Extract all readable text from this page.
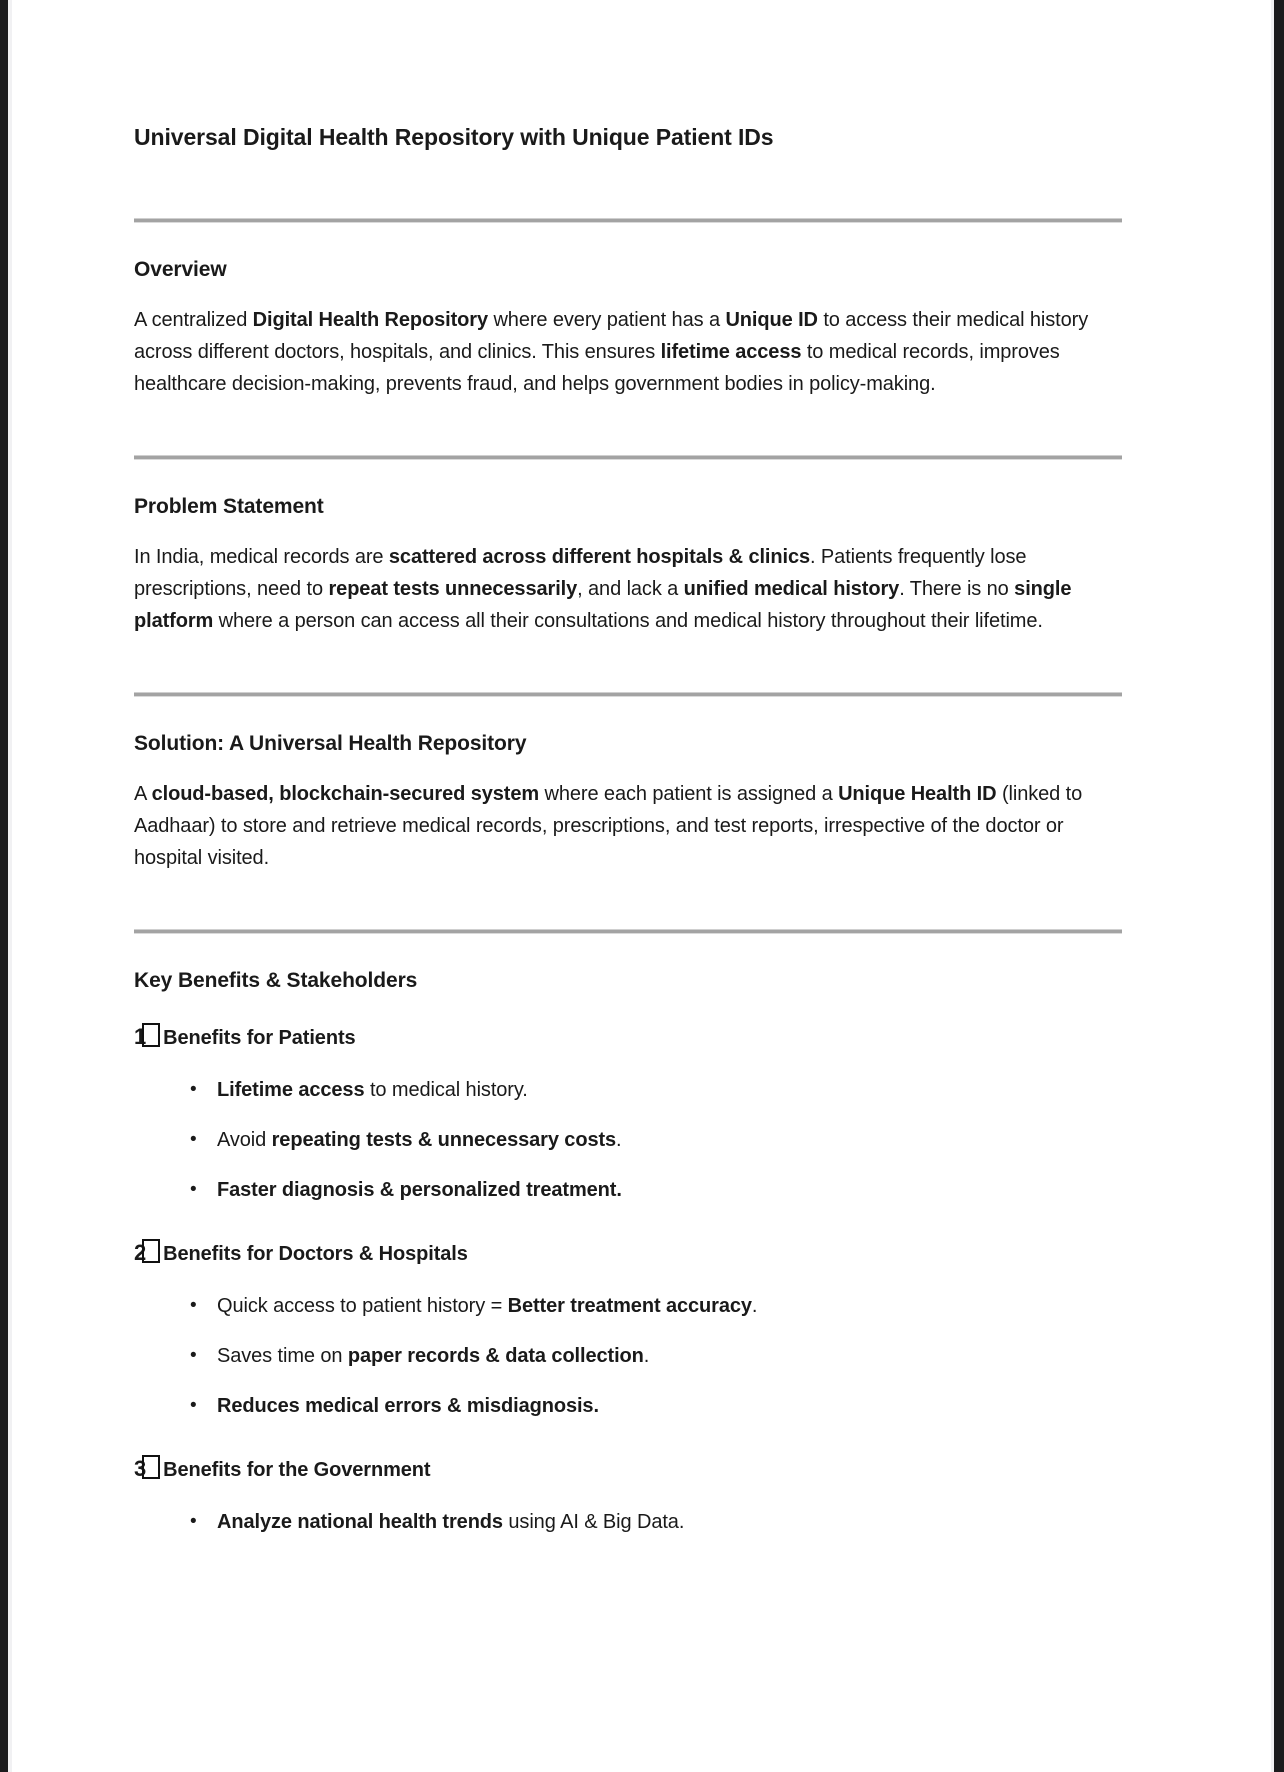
Universal Digital Health Repository with Unique Patient IDs
Overview

A centralized Digital Health Repository where every patient has a Unique ID to access their medical history across different doctors, hospitals, and clinics. This ensures lifetime access to medical records, improves healthcare decision-making, prevents fraud, and helps government bodies in policy-making.

Problem Statement

In India, medical records are scattered across different hospitals & clinics. Patients frequently lose prescriptions, need to repeat tests unnecessarily, and lack a unified medical history. There is no single platform where a person can access all their consultations and medical history throughout their lifetime.

Solution: A Universal Health Repository

A cloud-based, blockchain-secured system where each patient is assigned a Unique Health ID (linked to Aadhaar) to store and retrieve medical records, prescriptions, and test reports, irrespective of the doctor or hospital visited.

Key Benefits & Stakeholders
1 Benefits for Patients
• Lifetime access to medical history.
• Avoid repeating tests & unnecessary costs.
• Faster diagnosis & personalized treatment.
2 Benefits for Doctors & Hospitals
• Quick access to patient history = Better treatment accuracy.
• Saves time on paper records & data collection.
• Reduces medical errors & misdiagnosis.
3 Benefits for the Government
• Analyze national health trends using AI & Big Data.
